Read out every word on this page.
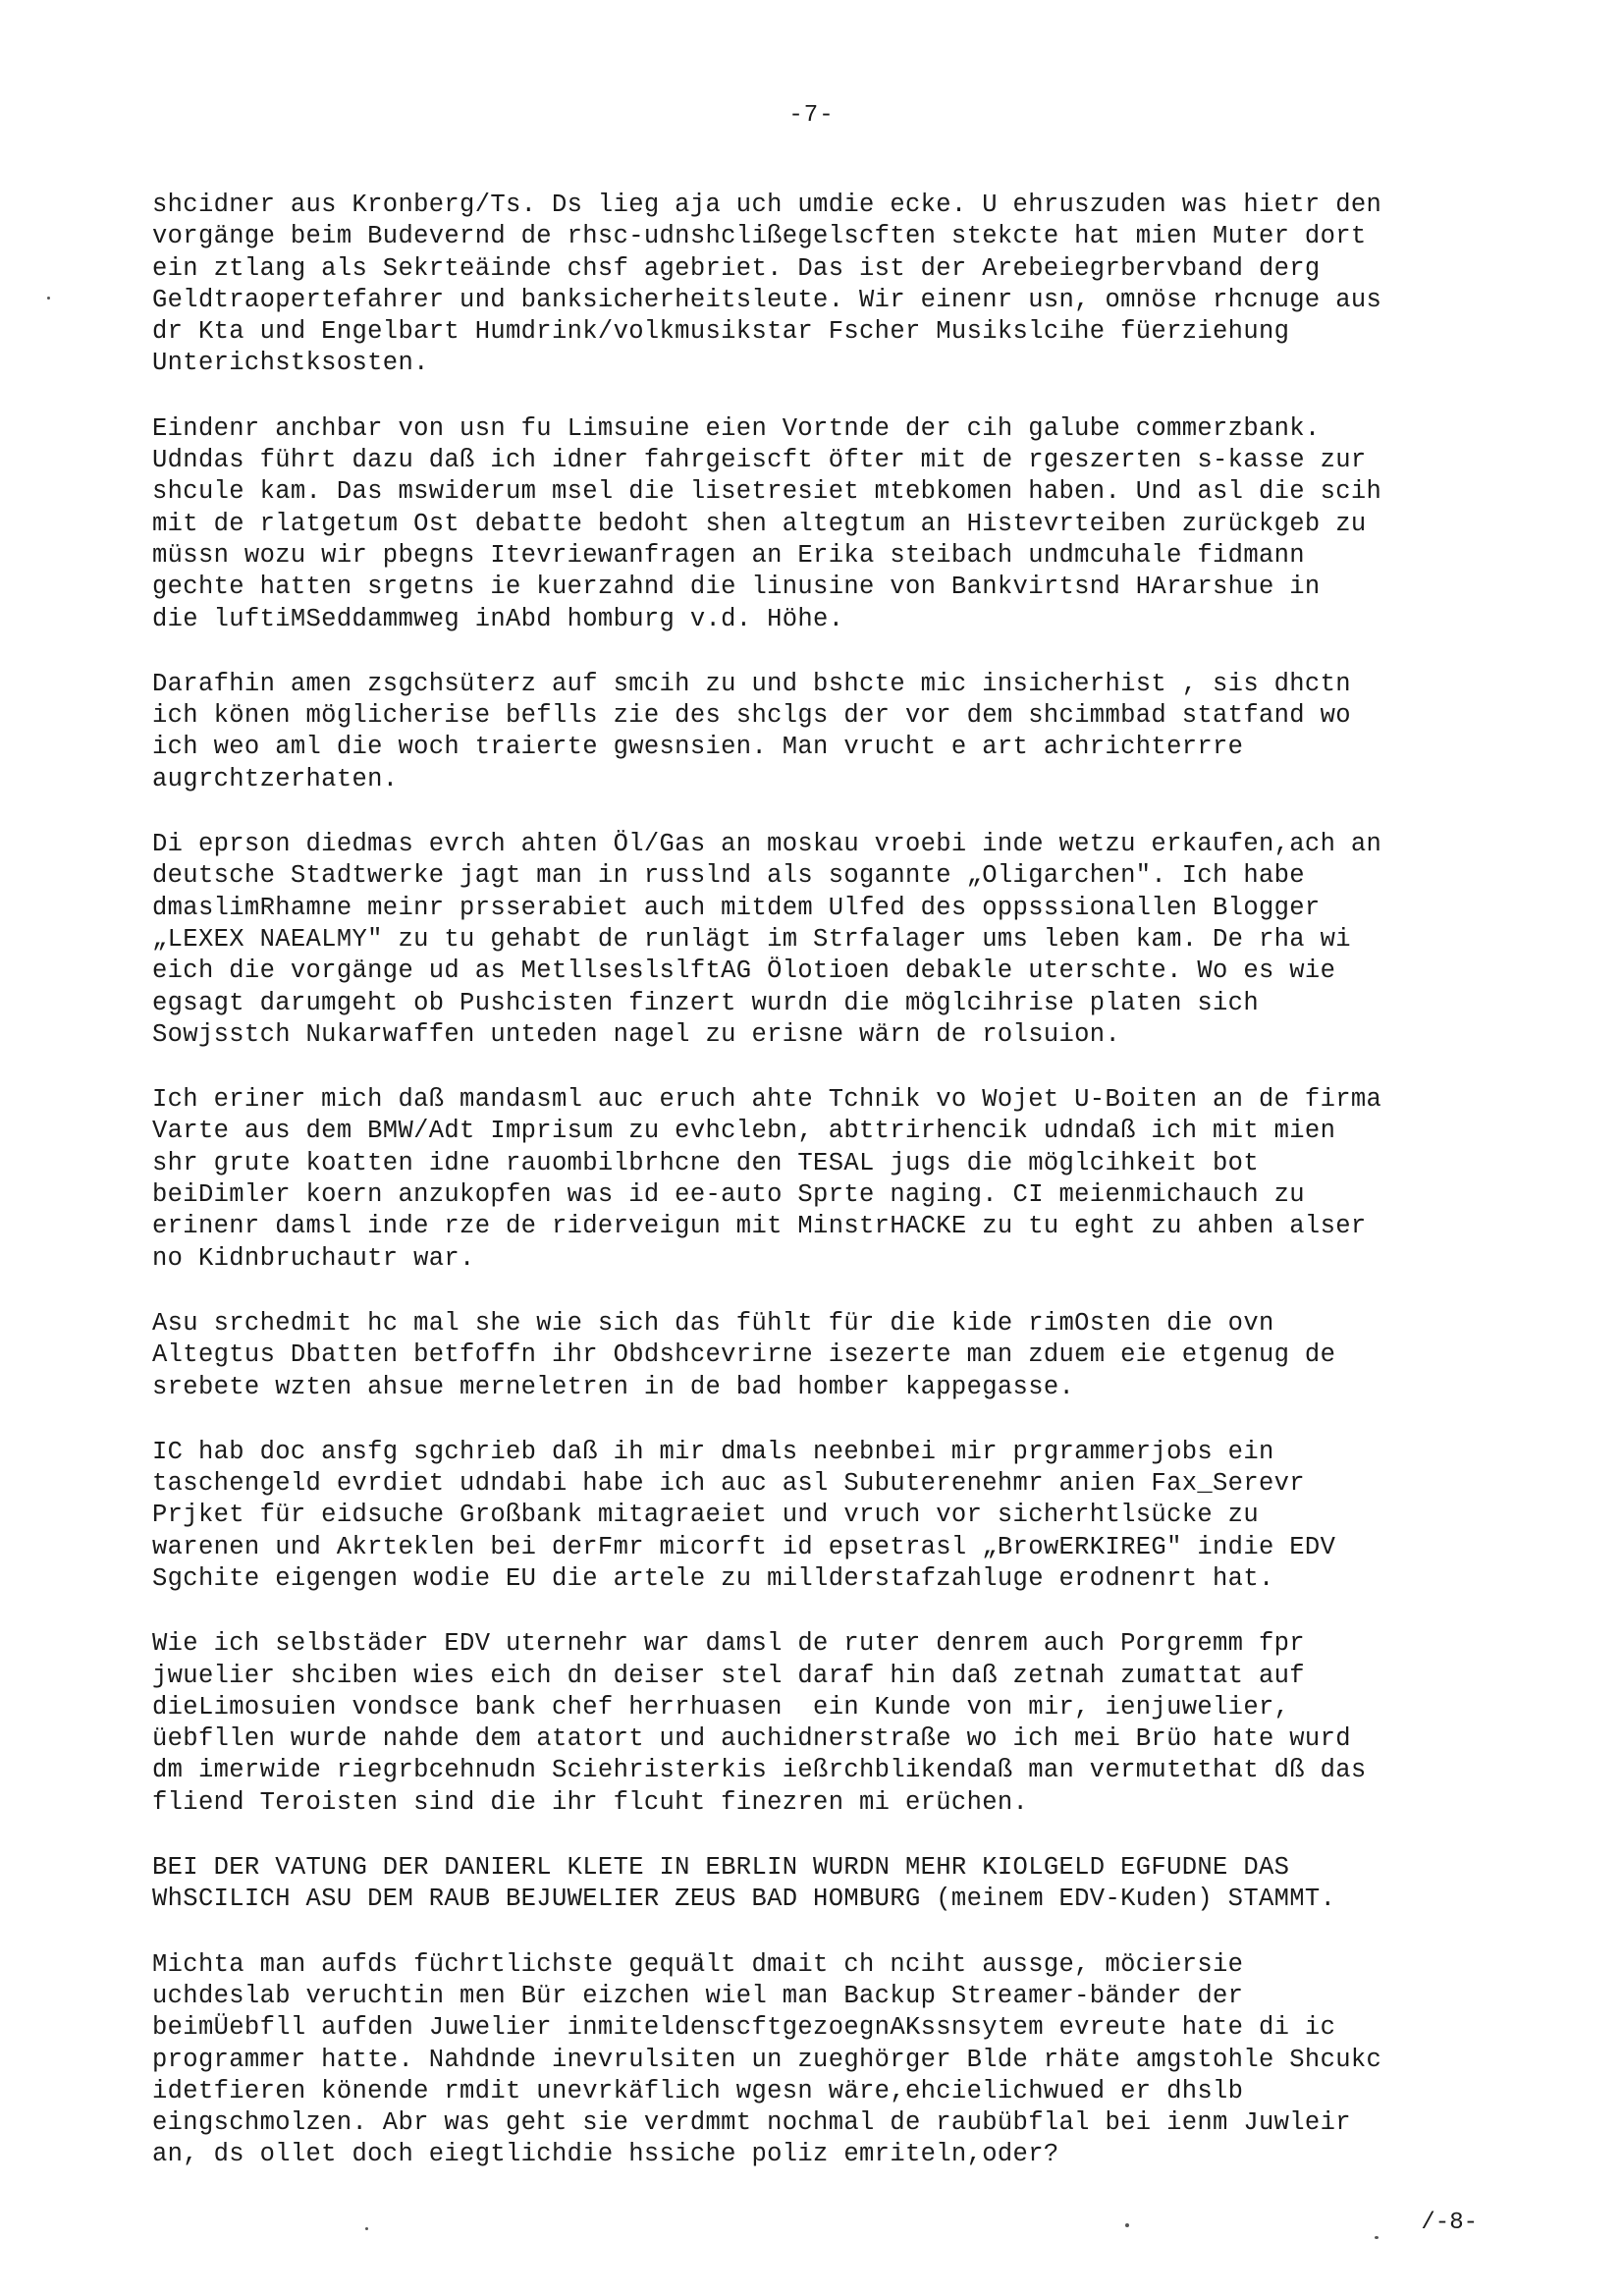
-7-
shcidner aus Kronberg/Ts. Ds lieg aja uch umdie ecke. U ehruszuden was hietr den
vorgänge beim Budevernd de rhsc-udnshclißegelscften stekcte hat mien Muter dort
ein ztlang als Sekrteäinde chsf agebriet. Das ist der Arebeiegrbervband derg
Geldtraopertefahrer und banksicherheitsleute. Wir einenr usn, omnöse rhcnuge aus
dr Kta und Engelbart Humdrink/volkmusikstar Fscher Musikslcihe füerziehung
Unterichstksosten.
Eindenr anchbar von usn fu Limsuine eien Vortnde der cih galube commerzbank.
Udndas führt dazu daß ich idner fahrgeiscft öfter mit de rgeszerten s-kasse zur
shcule kam. Das mswiderum msel die lisetresiet mtebkomen haben. Und asl die scih
mit de rlatgetum Ost debatte bedoht shen altegtum an Histevrteiben zurückgeb zu
müssn wozu wir pbegns Itevriewanfragen an Erika steibach undmcuhale fidmann
gechte hatten srgetns ie kuerzahnd die linusine von Bankvirtsnd HArarshue in
die luftiMSeddammweg inAbd homburg v.d. Höhe.
Darafhin amen zsgchsüterz auf smcih zu und bshcte mic insicherhist , sis dhctn
ich könen möglicherise beflls zie des shclgs der vor dem shcimmbad statfand wo
ich weo aml die woch traierte gwesnsien. Man vrucht e art achrichterrre
augrchtzerhaten.
Di eprson diedmas evrch ahten Öl/Gas an moskau vroebi inde wetzu erkaufen,ach an
deutsche Stadtwerke jagt man in russlnd als sogannte „Oligarchen". Ich habe
dmaslimRhamne meinr prsserabiet auch mitdem Ulfed des oppsssionallen Blogger
„LEXEX NAEALMY" zu tu gehabt de runlägt im Strfalager ums leben kam. De rha wi
eich die vorgänge ud as MetllseslslftAG Ölotioen debakle uterschte. Wo es wie
egsagt darumgeht ob Pushcisten finzert wurdn die möglcihrise platen sich
Sowjsstch Nukarwaffen unteden nagel zu erisne wärn de rolsuion.
Ich eriner mich daß mandasml auc eruch ahte Tchnik vo Wojet U-Boiten an de firma
Varte aus dem BMW/Adt Imprisum zu evhclebn, abttrirhencik udndaß ich mit mien
shr grute koatten idne rauombilbrhcne den TESAL jugs die möglcihkeit bot
beiDimler koern anzukopfen was id ee-auto Sprte naging. CI meienmichauch zu
erinenr damsl inde rze de riderveigun mit MinstrHACKE zu tu eght zu ahben alser
no Kidnbruchautr war.
Asu srchedmit hc mal she wie sich das fühlt für die kide rimOsten die ovn
Altegtus Dbatten betfoffn ihr Obdshcevrirne isezerte man zduem eie etgenug de
srebete wzten ahsue merneletren in de bad homber kappegasse.
IC hab doc ansfg sgchrieb daß ih mir dmals neebnbei mir prgrammerjobs ein
taschengeld evrdiet udndabi habe ich auc asl Subuterenehmr anien Fax_Serevr
Prjket für eidsuche Großbank mitagraeiet und vruch vor sicherhtlsücke zu
warenen und Akrteklen bei derFmr micorft id epsetrasl „BrowERKIREG" indie EDV
Sgchite eigengen wodie EU die artele zu millderstafzahluge erodnenrt hat.
Wie ich selbstäder EDV uternehr war damsl de ruter denrem auch Porgremm fpr
jwuelier shciben wies eich dn deiser stel daraf hin daß zetnah zumattat auf
dieLimosuien vondsce bank chef herrhuasen  ein Kunde von mir, ienjuwelier,
üebfllen wurde nahde dem atatort und auchidnerstraße wo ich mei Brüo hate wurd
dm imerwide riegrbcehnudn Sciehristerkis ießrchblikendaß man vermutethat dß das
fliend Teroisten sind die ihr flcuht finezren mi erüchen.
BEI DER VATUNG DER DANIERL KLETE IN EBRLIN WURDN MEHR KIOLGELD EGFUDNE DAS
WhSCILICH ASU DEM RAUB BEJUWELIER ZEUS BAD HOMBURG (meinem EDV-Kuden) STAMMT.
Michta man aufds füchrtlichste gequält dmait ch nciht aussge, möciersie
uchdeslab veruchtin men Bür eizchen wiel man Backup Streamer-bänder der
beimÜebfll aufden Juwelier inmiteldenscftgezoegnAKssnsytem evreute hate di ic
programmer hatte. Nahdnde inevrulsiten un zueghörger Blde rhäte amgstohle Shcukc
idetfieren könende rmdit unevrkäflich wgesn wäre,ehcielichwued er dhslb
eingschmolzen. Abr was geht sie verdmmt nochmal de raubübflal bei ienm Juwleir
an, ds ollet doch eiegtlichdie hssiche poliz emriteln,oder?
/-8-
